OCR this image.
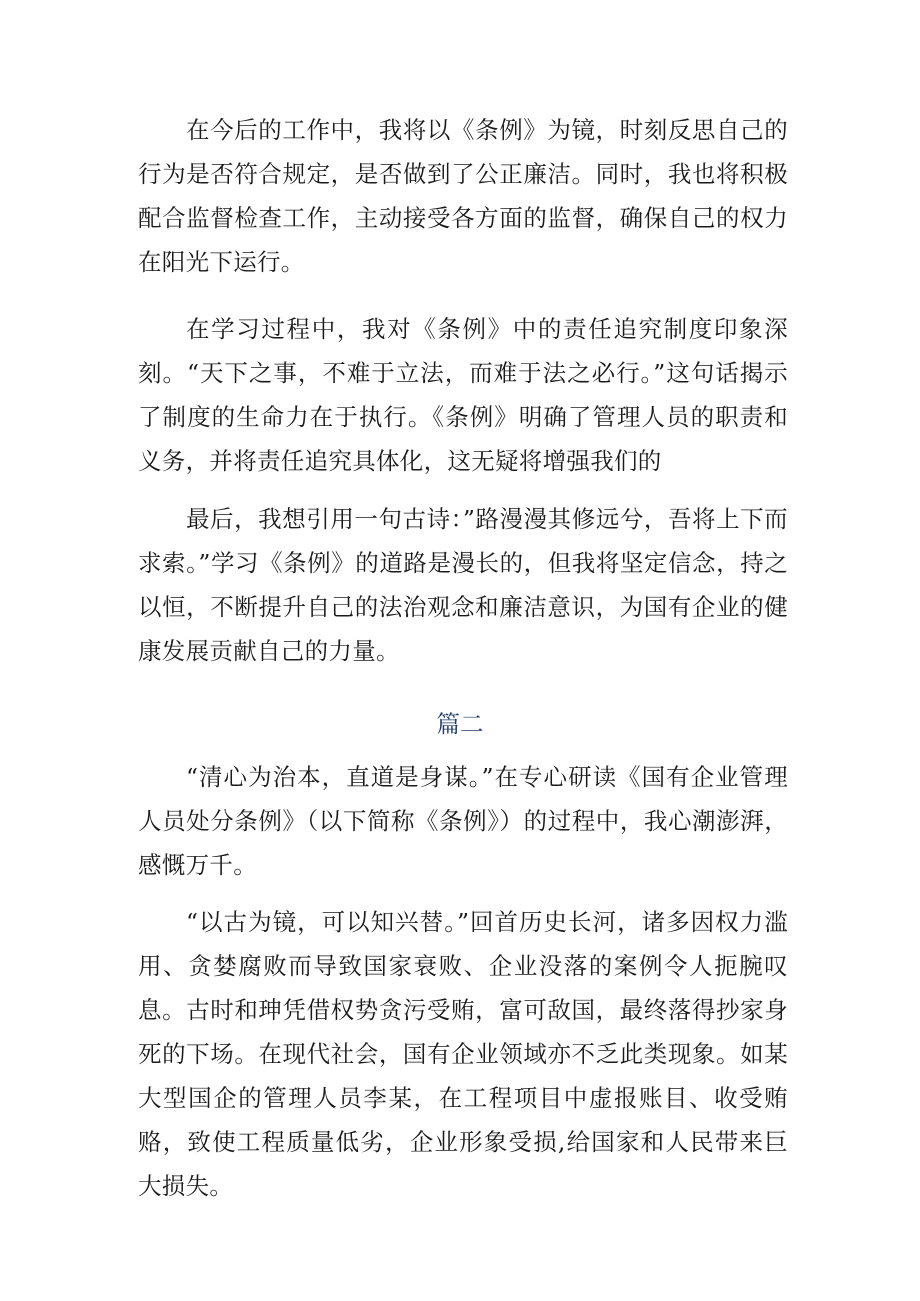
在今后的工作中，我将以《条例》为镜，时刻反思自己的行为是否符合规定，是否做到了公正廉洁。同时，我也将积极配合监督检查工作，主动接受各方面的监督，确保自己的权力在阳光下运行。

在学习过程中，我对《条例》中的责任追究制度印象深刻。“天下之事，不难于立法，而难于法之必行。”这句话揭示了制度的生命力在于执行。《条例》明确了管理人员的职责和义务，并将责任追究具体化，这无疑将增强我们的

最后，我想引用一句古诗：”路漫漫其修远兮，吾将上下而求索。”学习《条例》的道路是漫长的，但我将坚定信念，持之以恒，不断提升自己的法治观念和廉洁意识，为国有企业的健康发展贡献自己的力量。

篇二

“清心为治本，直道是身谋。”在专心研读《国有企业管理人员处分条例》（以下简称《条例》）的过程中，我心潮澎湃，感慨万千。

“以古为镜，可以知兴替。”回首历史长河，诸多因权力滥用、贪婪腐败而导致国家衰败、企业没落的案例令人扼腕叹息。古时和珅凭借权势贪污受贿，富可敌国，最终落得抄家身死的下场。在现代社会，国有企业领域亦不乏此类现象。如某大型国企的管理人员李某，在工程项目中虚报账目、收受贿赂，致使工程质量低劣，企业形象受损,给国家和人民带来巨大损失。
